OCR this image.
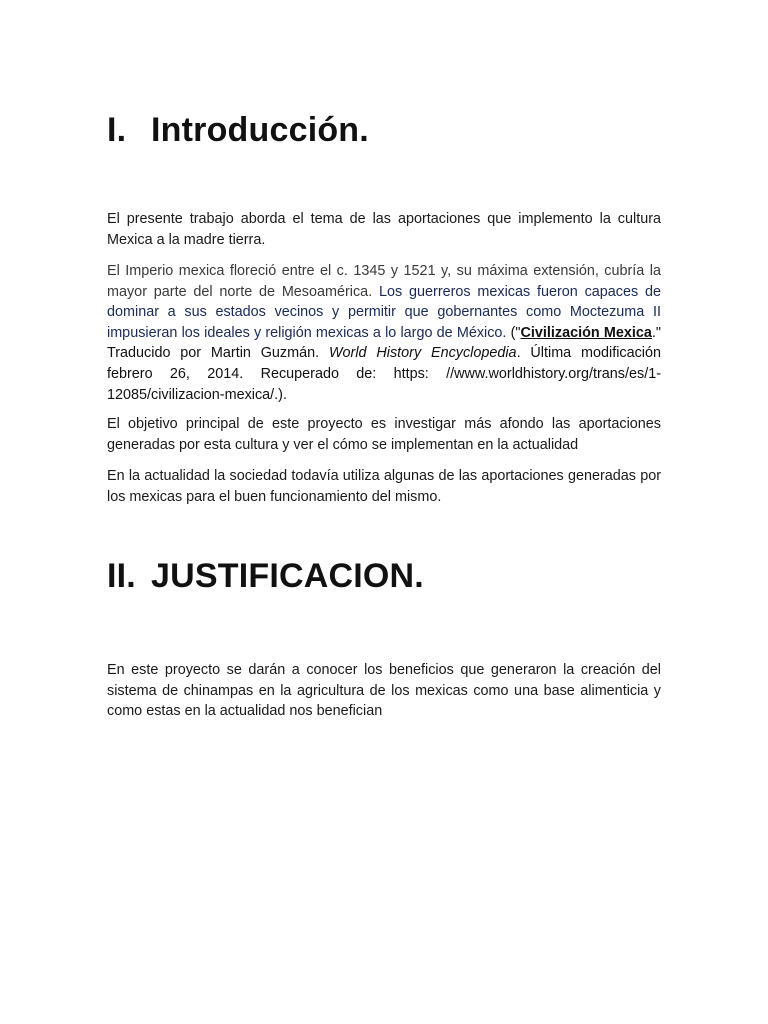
I. Introducción.

El presente trabajo aborda el tema de las aportaciones que implemento la cultura Mexica a la madre tierra.

El Imperio mexica floreció entre el c. 1345 y 1521 y, su máxima extensión, cubría la mayor parte del norte de Mesoamérica. Los guerreros mexicas fueron capaces de dominar a sus estados vecinos y permitir que gobernantes como Moctezuma II impusieran los ideales y religión mexicas a lo largo de México. ("Civilización Mexica." Traducido por Martin Guzmán. World History Encyclopedia. Última modificación febrero 26, 2014. Recuperado de: https: //www.worldhistory.org/trans/es/1-12085/civilizacion-mexica/.).

El objetivo principal de este proyecto es investigar más afondo las aportaciones generadas por esta cultura y ver el cómo se implementan en la actualidad

En la actualidad la sociedad todavía utiliza algunas de las aportaciones generadas por los mexicas para el buen funcionamiento del mismo.

II. JUSTIFICACION.

En este proyecto se darán a conocer los beneficios que generaron la creación del sistema de chinampas en la agricultura de los mexicas como una base alimenticia y como estas en la actualidad nos benefician
